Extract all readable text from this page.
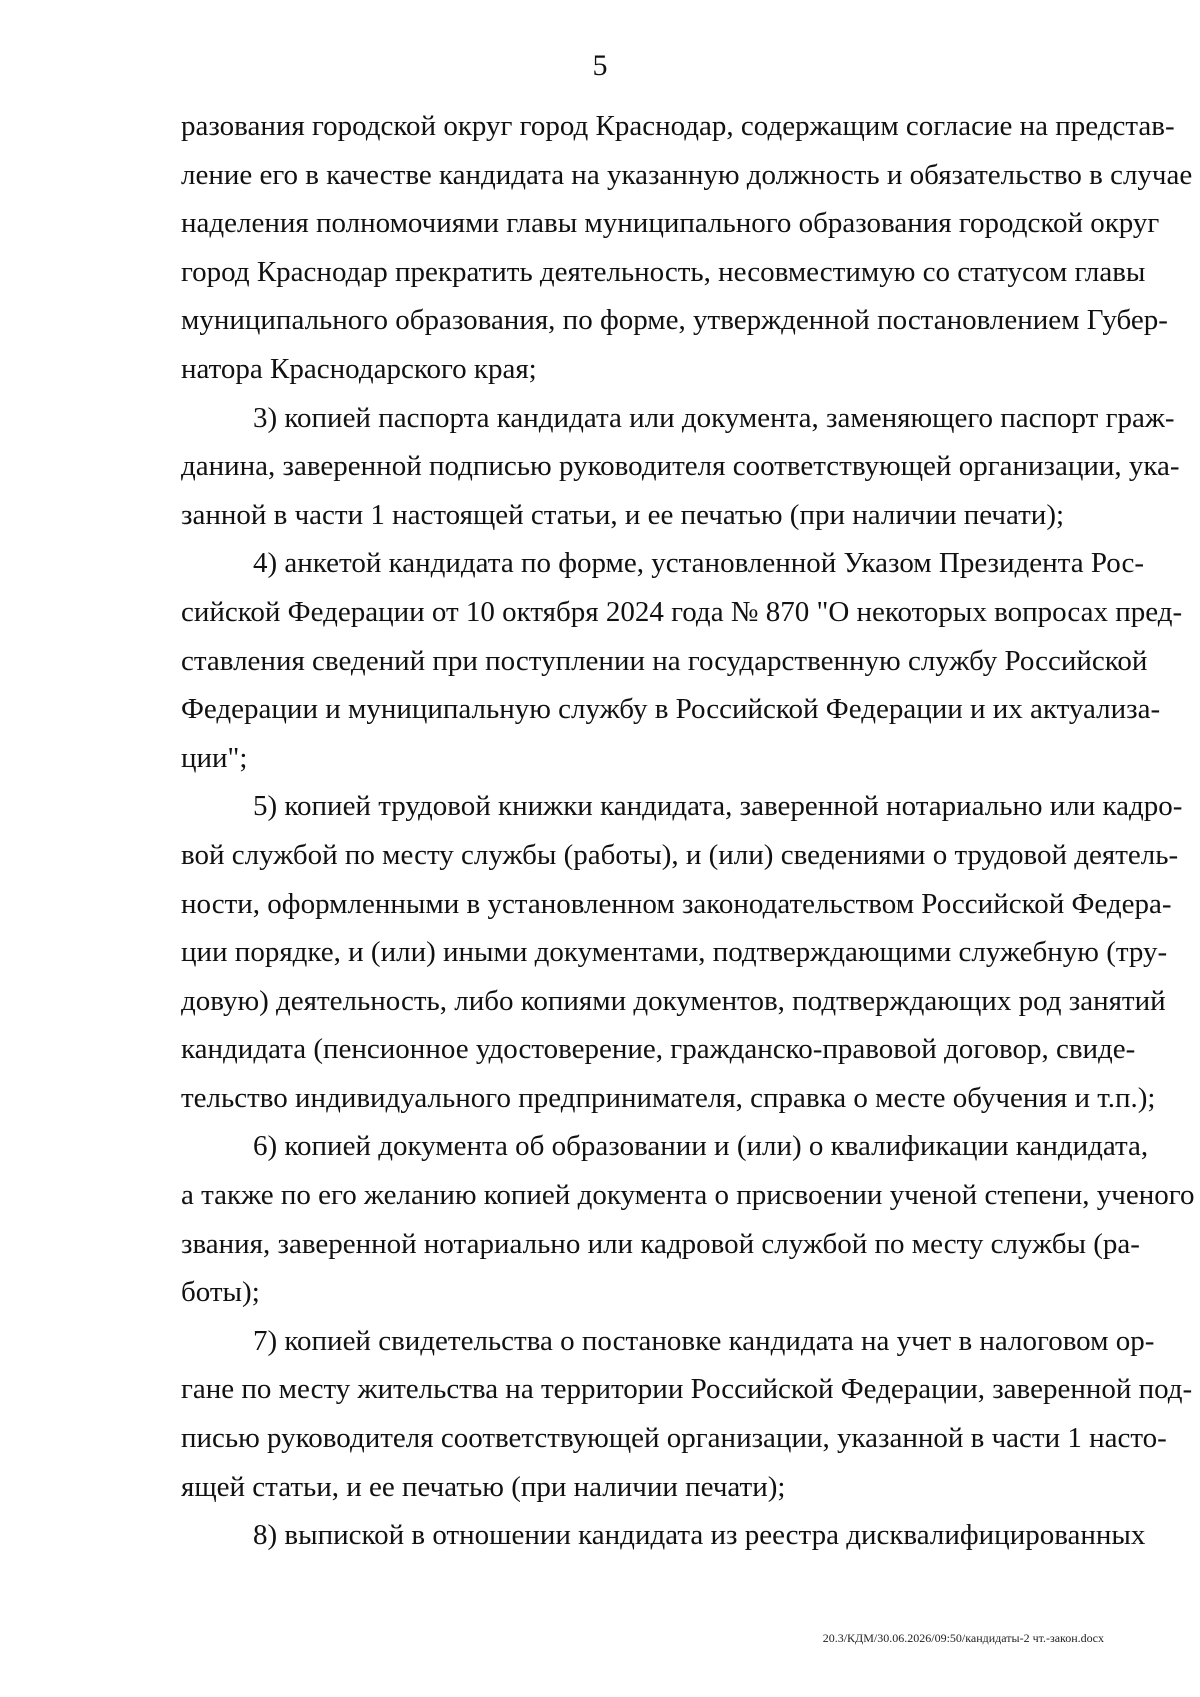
5
разования городской округ город Краснодар, содержащим согласие на представ-
ление его в качестве кандидата на указанную должность и обязательство в случае
наделения полномочиями главы муниципального образования городской округ
город Краснодар прекратить деятельность, несовместимую со статусом главы
муниципального образования, по форме, утвержденной постановлением Губер-
натора Краснодарского края;
3) копией паспорта кандидата или документа, заменяющего паспорт граж-
данина, заверенной подписью руководителя соответствующей организации, ука-
занной в части 1 настоящей статьи, и ее печатью (при наличии печати);
4) анкетой кандидата по форме, установленной Указом Президента Рос-
сийской Федерации от 10 октября 2024 года № 870 "О некоторых вопросах пред-
ставления сведений при поступлении на государственную службу Российской
Федерации и муниципальную службу в Российской Федерации и их актуализа-
ции";
5) копией трудовой книжки кандидата, заверенной нотариально или кадро-
вой службой по месту службы (работы), и (или) сведениями о трудовой деятель-
ности, оформленными в установленном законодательством Российской Федера-
ции порядке, и (или) иными документами, подтверждающими служебную (тру-
довую) деятельность, либо копиями документов, подтверждающих род занятий
кандидата (пенсионное удостоверение, гражданско-правовой договор, свиде-
тельство индивидуального предпринимателя, справка о месте обучения и т.п.);
6) копией документа об образовании и (или) о квалификации кандидата,
а также по его желанию копией документа о присвоении ученой степени, ученого
звания, заверенной нотариально или кадровой службой по месту службы (ра-
боты);
7) копией свидетельства о постановке кандидата на учет в налоговом ор-
гане по месту жительства на территории Российской Федерации, заверенной под-
писью руководителя соответствующей организации, указанной в части 1 насто-
ящей статьи, и ее печатью (при наличии печати);
8) выпиской в отношении кандидата из реестра дисквалифицированных
20.3/КДМ/30.06.2026/09:50/кандидаты-2 чт.-закон.docx
